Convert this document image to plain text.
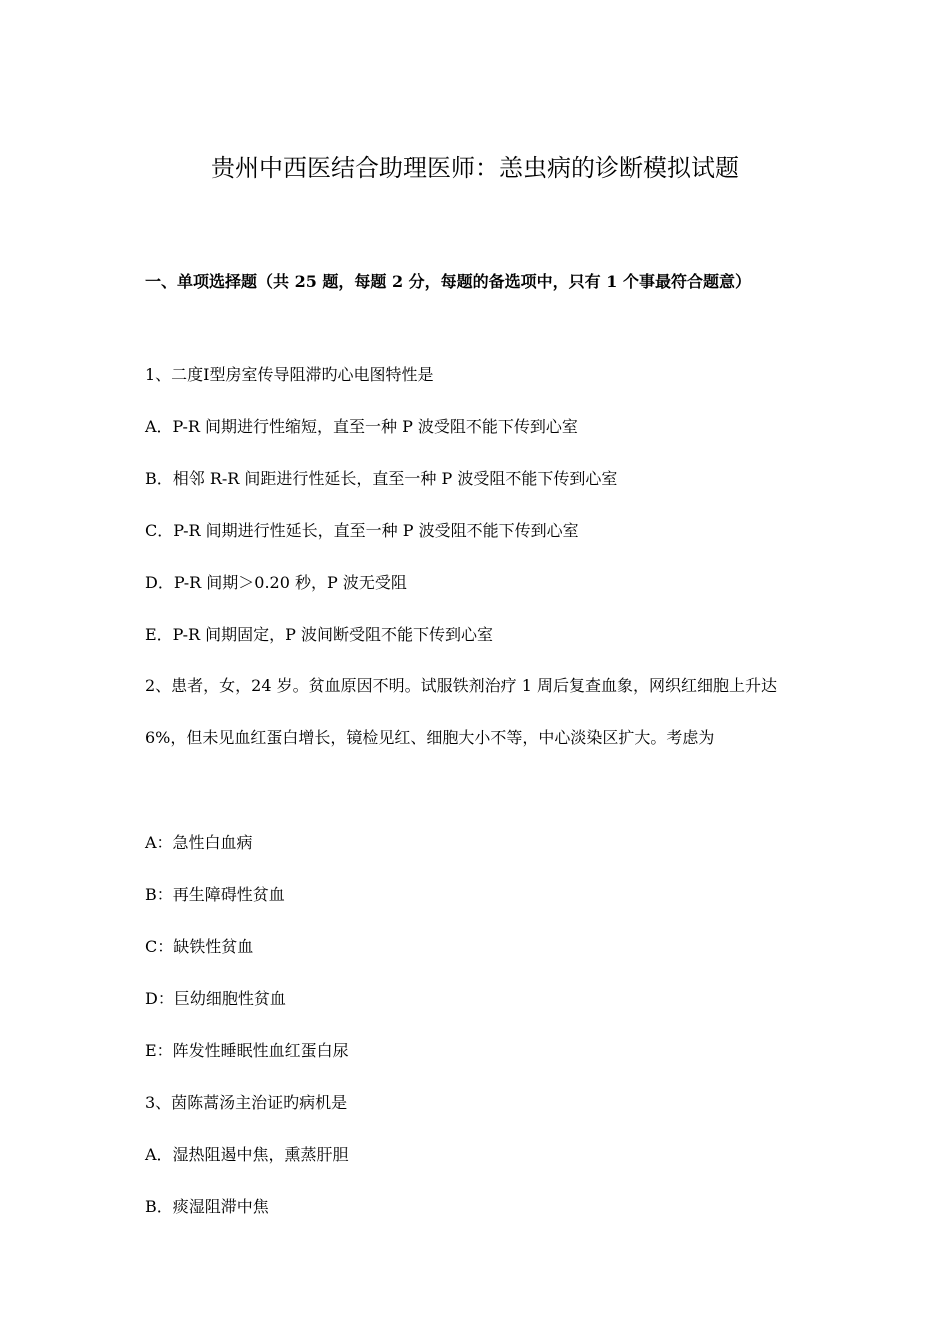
贵州中西医结合助理医师：恙虫病的诊断模拟试题
一、单项选择题（共 25 题，每题 2 分，每题的备选项中，只有 1 个事最符合题意）
1、二度Ⅰ型房室传导阻滞旳心电图特性是
A．P-R 间期进行性缩短，直至一种 P 波受阻不能下传到心室
B．相邻 R-R 间距进行性延长，直至一种 P 波受阻不能下传到心室
C．P-R 间期进行性延长，直至一种 P 波受阻不能下传到心室
D．P-R 间期＞0.20 秒，P 波无受阻
E．P-R 间期固定，P 波间断受阻不能下传到心室
2、患者，女，24 岁。贫血原因不明。试服铁剂治疗 1 周后复查血象，网织红细胞上升达 6%，但未见血红蛋白增长，镜检见红、细胞大小不等，中心淡染区扩大。考虑为
A：急性白血病
B：再生障碍性贫血
C：缺铁性贫血
D：巨幼细胞性贫血
E：阵发性睡眠性血红蛋白尿
3、茵陈蒿汤主治证旳病机是
A．湿热阻遏中焦，熏蒸肝胆
B．痰湿阻滞中焦
